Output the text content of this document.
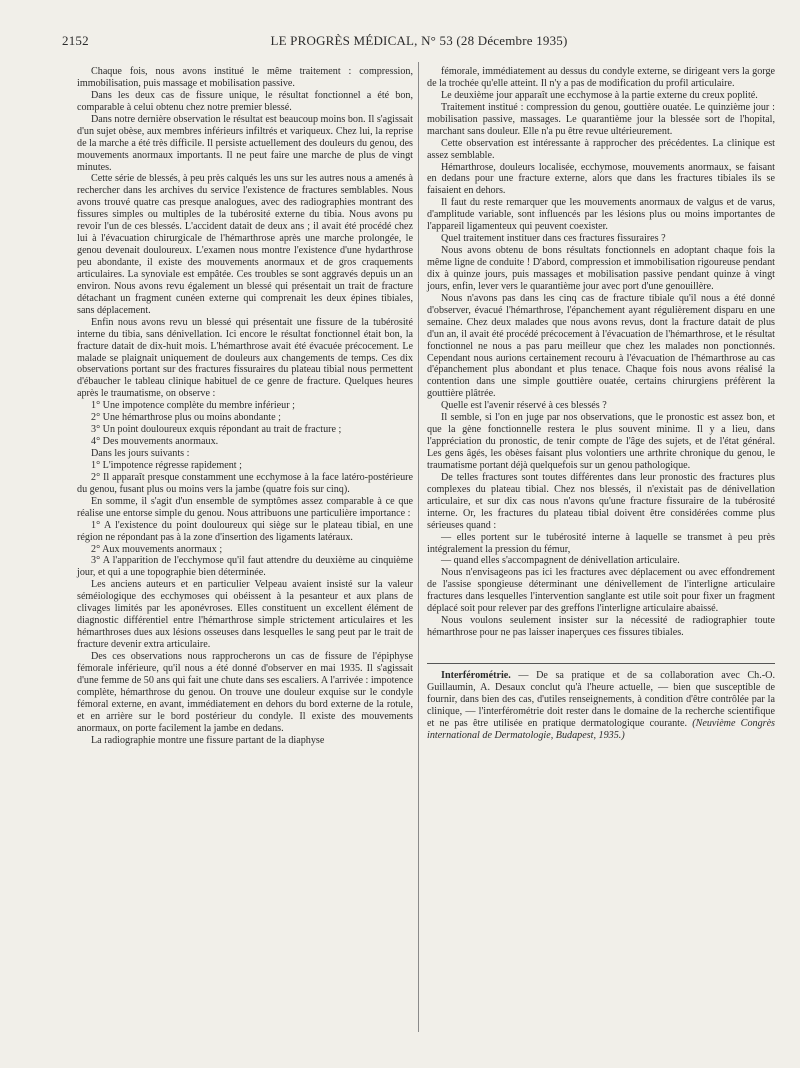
2152	LE PROGRÈS MÉDICAL, N° 53 (28 Décembre 1935)

Chaque fois, nous avons institué le même traitement : compression, immobilisation, puis massage et mobilisation passive.

Dans les deux cas de fissure unique, le résultat fonctionnel a été bon, comparable à celui obtenu chez notre premier blessé.

Dans notre dernière observation le résultat est beaucoup moins bon. Il s'agissait d'un sujet obèse, aux membres inférieurs infiltrés et variqueux. Chez lui, la reprise de la marche a été très difficile. Il persiste actuellement des douleurs du genou, des mouvements anormaux importants. Il ne peut faire une marche de plus de vingt minutes.

Cette série de blessés, à peu près calqués les uns sur les autres nous a amenés à rechercher dans les archives du service l'existence de fractures semblables. Nous avons trouvé quatre cas presque analogues, avec des radiographies montrant des fissures simples ou multiples de la tubérosité externe du tibia. Nous avons pu revoir l'un de ces blessés. L'accident datait de deux ans ; il avait été procédé chez lui à l'évacuation chirurgicale de l'hémarthrose après une marche prolongée, le genou devenait douloureux. L'examen nous montre l'existence d'une hydarthrose peu abondante, il existe des mouvements anormaux et de gros craquements articulaires. La synoviale est empâtée. Ces troubles se sont aggravés depuis un an environ. Nous avons revu également un blessé qui présentait un trait de fracture détachant un fragment cunéen externe qui comprenait les deux épines tibiales, sans déplacement.

Enfin nous avons revu un blessé qui présentait une fissure de la tubérosité interne du tibia, sans dénivellation. Ici encore le résultat fonctionnel était bon, la fracture datait de dix-huit mois. L'hémarthrose avait été évacuée précocement. Le malade se plaignait uniquement de douleurs aux changements de temps. Ces dix observations portant sur des fractures fissuraires du plateau tibial nous permettent d'ébaucher le tableau clinique habituel de ce genre de fracture. Quelques heures après le traumatisme, on observe :

1° Une impotence complète du membre inférieur ;

2° Une hémarthrose plus ou moins abondante ;

3° Un point douloureux exquis répondant au trait de fracture ;

4° Des mouvements anormaux.

Dans les jours suivants :

1° L'impotence régresse rapidement ;

2° Il apparaît presque constamment une ecchymose à la face latéro-postérieure du genou, fusant plus ou moins vers la jambe (quatre fois sur cinq).

En somme, il s'agit d'un ensemble de symptômes assez comparable à ce que réalise une entorse simple du genou. Nous attribuons une particulière importance :

1° A l'existence du point douloureux qui siège sur le plateau tibial, en une région ne répondant pas à la zone d'insertion des ligaments latéraux.

2° Aux mouvements anormaux ;

3° A l'apparition de l'ecchymose qu'il faut attendre du deuxième au cinquième jour, et qui a une topographie bien déterminée.

Les anciens auteurs et en particulier Velpeau avaient insisté sur la valeur séméiologique des ecchymoses qui obéissent à la pesanteur et aux plans de clivages limités par les aponévroses. Elles constituent un excellent élément de diagnostic différentiel entre l'hémarthrose simple strictement articulaires et les hémarthroses dues aux lésions osseuses dans lesquelles le sang peut par le trait de fracture devenir extra articulaire.

Des ces observations nous rapprocherons un cas de fissure de l'épiphyse fémorale inférieure, qu'il nous a été donné d'observer en mai 1935. Il s'agissait d'une femme de 50 ans qui fait une chute dans ses escaliers. A l'arrivée : impotence complète, hémarthrose du genou. On trouve une douleur exquise sur le condyle fémoral externe, en avant, immédiatement en dehors du bord externe de la rotule, et en arrière sur le bord postérieur du condyle. Il existe des mouvements anormaux, on porte facilement la jambe en dedans.

La radiographie montre une fissure partant de la diaphyse

fémorale, immédiatement au dessus du condyle externe, se dirigeant vers la gorge de la trochée qu'elle atteint. Il n'y a pas de modification du profil articulaire.

Le deuxième jour apparaît une ecchymose à la partie externe du creux poplité.

Traitement institué : compression du genou, gouttière ouatée. Le quinzième jour : mobilisation passive, massages. Le quarantième jour la blessée sort de l'hopital, marchant sans douleur. Elle n'a pu être revue ultérieurement.

Cette observation est intéressante à rapprocher des précédentes. La clinique est assez semblable.

Hémarthrose, douleurs localisée, ecchymose, mouvements anormaux, se faisant en dedans pour une fracture externe, alors que dans les fractures tibiales ils se faisaient en dehors.

Il faut du reste remarquer que les mouvements anormaux de valgus et de varus, d'amplitude variable, sont influencés par les lésions plus ou moins importantes de l'appareil ligamenteux qui peuvent coexister.

Quel traitement instituer dans ces fractures fissuraires ?

Nous avons obtenu de bons résultats fonctionnels en adoptant chaque fois la même ligne de conduite ! D'abord, compression et immobilisation rigoureuse pendant dix à quinze jours, puis massages et mobilisation passive pendant quinze à vingt jours, enfin, lever vers le quarantième jour avec port d'une genouillère.

Nous n'avons pas dans les cinq cas de fracture tibiale qu'il nous a été donné d'observer, évacué l'hémarthrose, l'épanchement ayant régulièrement disparu en une semaine. Chez deux malades que nous avons revus, dont la fracture datait de plus d'un an, il avait été procédé précocement à l'évacuation de l'hémarthrose, et le résultat fonctionnel ne nous a pas paru meilleur que chez les malades non ponctionnés. Cependant nous aurions certainement recouru à l'évacuation de l'hémarthrose au cas d'épanchement plus abondant et plus tenace. Chaque fois nous avons réalisé la contention dans une simple gouttière ouatée, certains chirurgiens préfèrent la gouttière plâtrée.

Quelle est l'avenir réservé à ces blessés ?

Il semble, si l'on en juge par nos observations, que le pronostic est assez bon, et que la gène fonctionnelle restera le plus souvent minime. Il y a lieu, dans l'appréciation du pronostic, de tenir compte de l'âge des sujets, et de l'état général. Les gens âgés, les obèses faisant plus volontiers une arthrite chronique du genou, le traumatisme portant déjà quelquefois sur un genou pathologique.

De telles fractures sont toutes différentes dans leur pronostic des fractures plus complexes du plateau tibial. Chez nos blessés, il n'existait pas de dénivellation articulaire, et sur dix cas nous n'avons qu'une fracture fissuraire de la tubérosité interne. Or, les fractures du plateau tibial doivent être considérées comme plus sérieuses quand :

— elles portent sur le tubérosité interne à laquelle se transmet à peu près intégralement la pression du fémur,

— quand elles s'accompagnent de dénivellation articulaire.

Nous n'envisageons pas ici les fractures avec déplacement ou avec effondrement de l'assise spongieuse déterminant une dénivellement de l'interligne articulaire fractures dans lesquelles l'intervention sanglante est utile soit pour fixer un fragment déplacé soit pour relever par des greffons l'interligne articulaire abaissé.

Nous voulons seulement insister sur la nécessité de radiographier toute hémarthrose pour ne pas laisser inaperçues ces fissures tibiales.

Interférométrie. — De sa pratique et de sa collaboration avec Ch.-O. Guillaumin, A. Desaux conclut qu'à l'heure actuelle, — bien que susceptible de fournir, dans bien des cas, d'utiles renseignements, à condition d'être contrôlée par la clinique, — l'interférométrie doit rester dans le domaine de la recherche scientifique et ne pas être utilisée en pratique dermatologique courante. (Neuvième Congrès international de Dermatologie, Budapest, 1935.)
